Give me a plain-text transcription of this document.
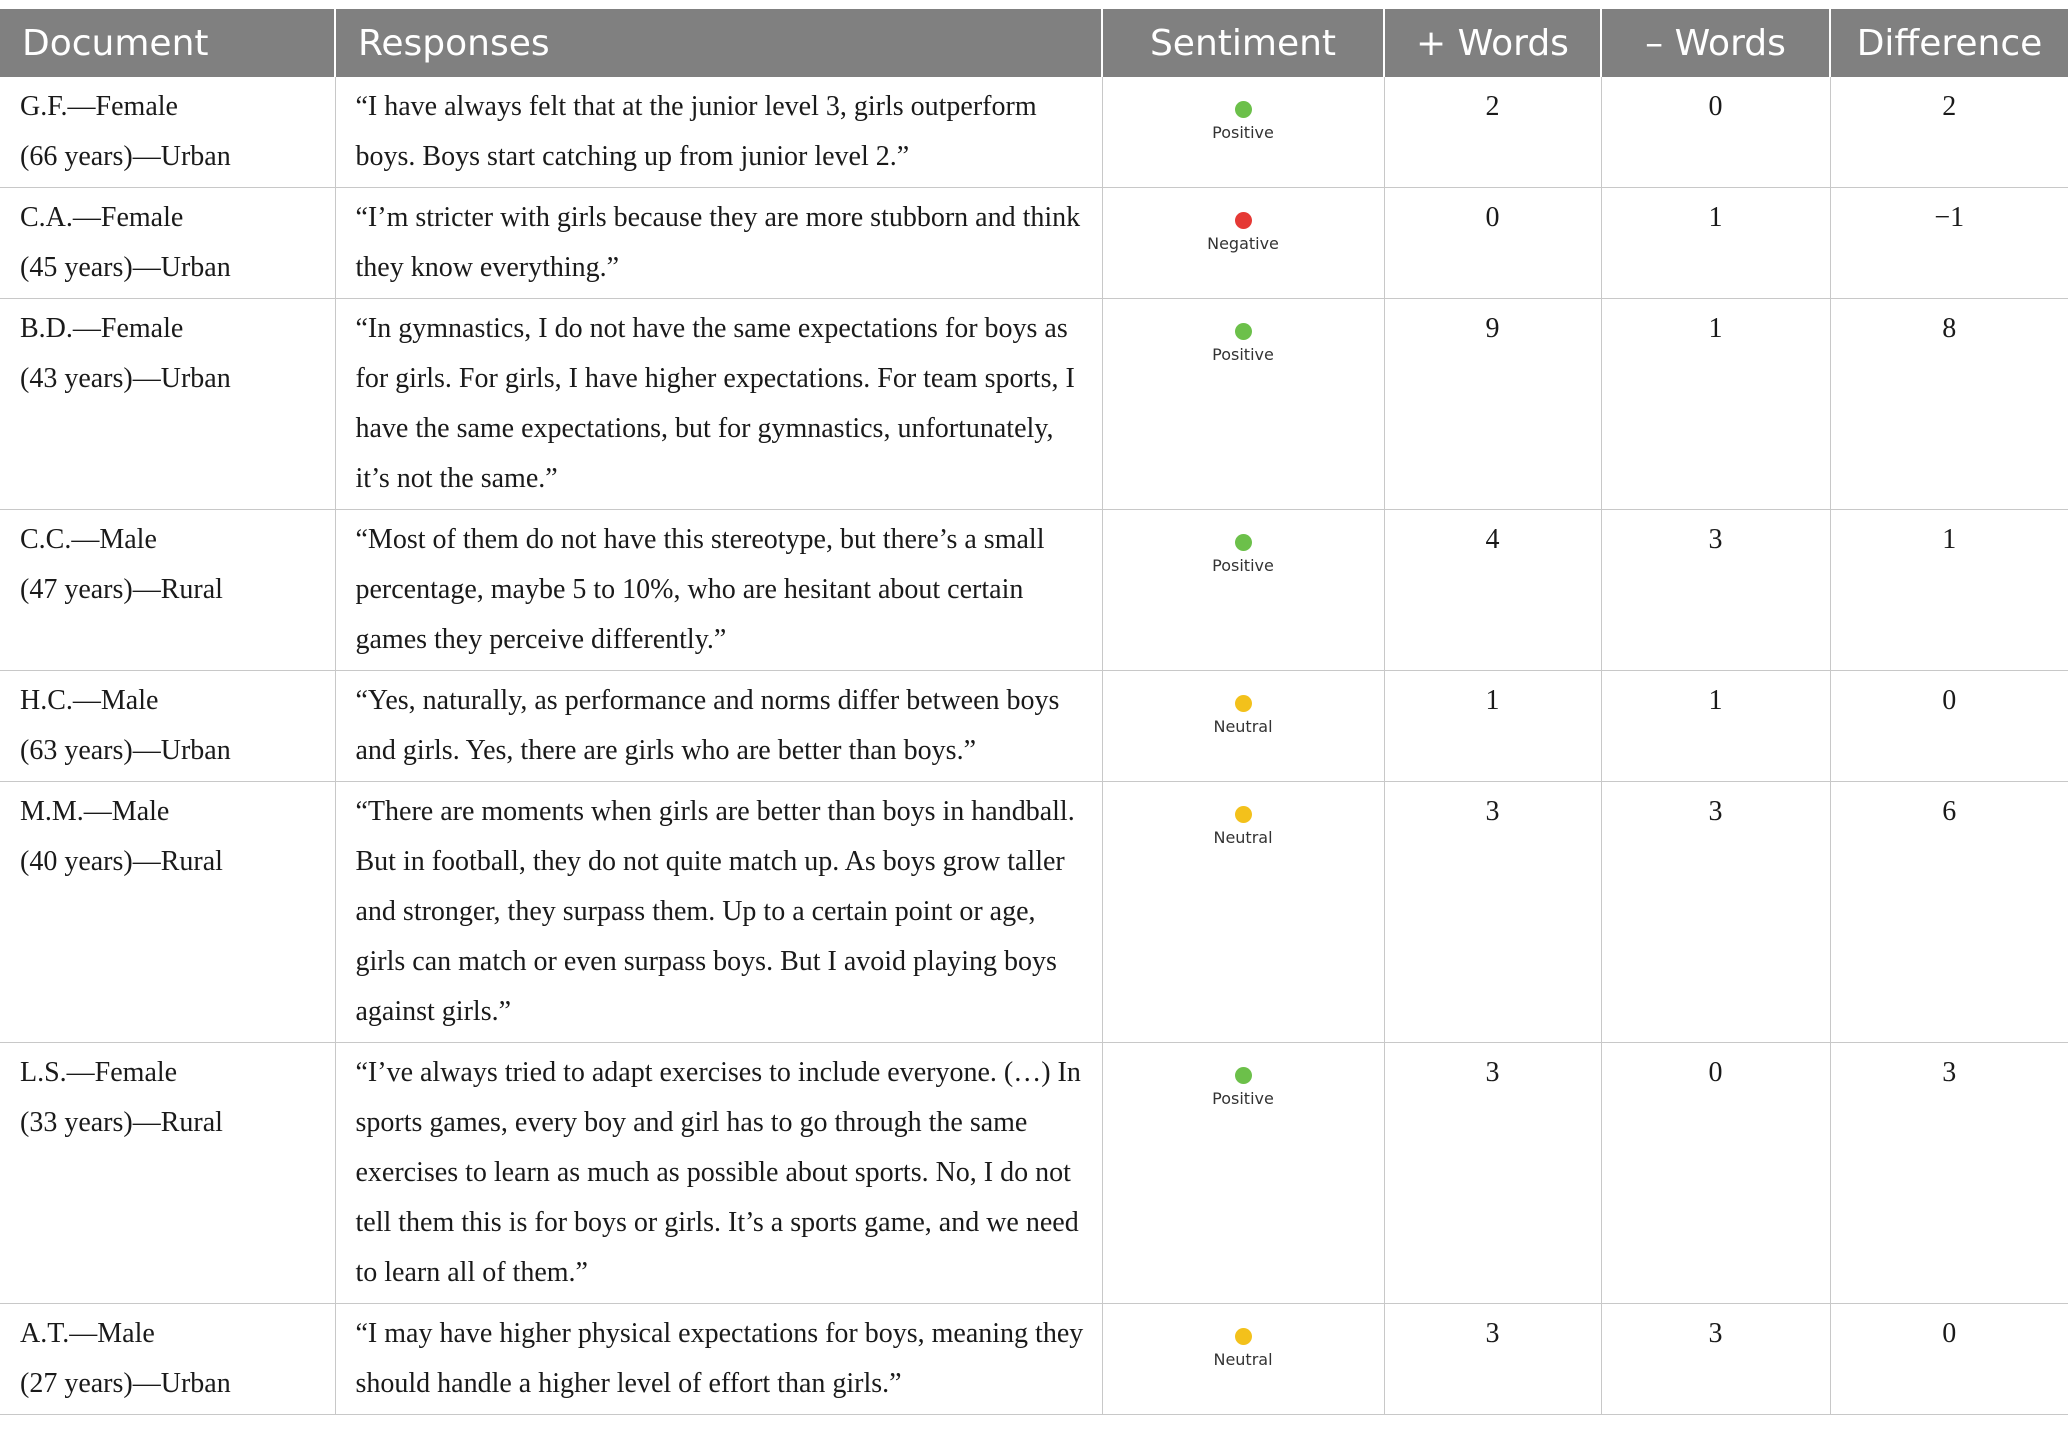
Document	Responses	Sentiment	+ Words	– Words	Difference

G.F.—Female
(66 years)—Urban	“I have always felt that at the junior level 3, girls outperform boys. Boys start catching up from junior level 2.”	Positive	2	0	2

C.A.—Female
(45 years)—Urban	“I’m stricter with girls because they are more stubborn and think they know everything.”	Negative	0	1	−1

B.D.—Female
(43 years)—Urban	“In gymnastics, I do not have the same expectations for boys as for girls. For girls, I have higher expectations. For team sports, I have the same expectations, but for gymnastics, unfortunately, it’s not the same.”	Positive	9	1	8

C.C.—Male
(47 years)—Rural	“Most of them do not have this stereotype, but there’s a small percentage, maybe 5 to 10%, who are hesitant about certain games they perceive differently.”	Positive	4	3	1

H.C.—Male
(63 years)—Urban	“Yes, naturally, as performance and norms differ between boys and girls. Yes, there are girls who are better than boys.”	Neutral	1	1	0

M.M.—Male
(40 years)—Rural	“There are moments when girls are better than boys in handball. But in football, they do not quite match up. As boys grow taller and stronger, they surpass them. Up to a certain point or age, girls can match or even surpass boys. But I avoid playing boys against girls.”	Neutral	3	3	6

L.S.—Female
(33 years)—Rural	“I’ve always tried to adapt exercises to include everyone. (…) In sports games, every boy and girl has to go through the same exercises to learn as much as possible about sports. No, I do not tell them this is for boys or girls. It’s a sports game, and we need to learn all of them.”	Positive	3	0	3

A.T.—Male
(27 years)—Urban	“I may have higher physical expectations for boys, meaning they should handle a higher level of effort than girls.”	Neutral	3	3	0
